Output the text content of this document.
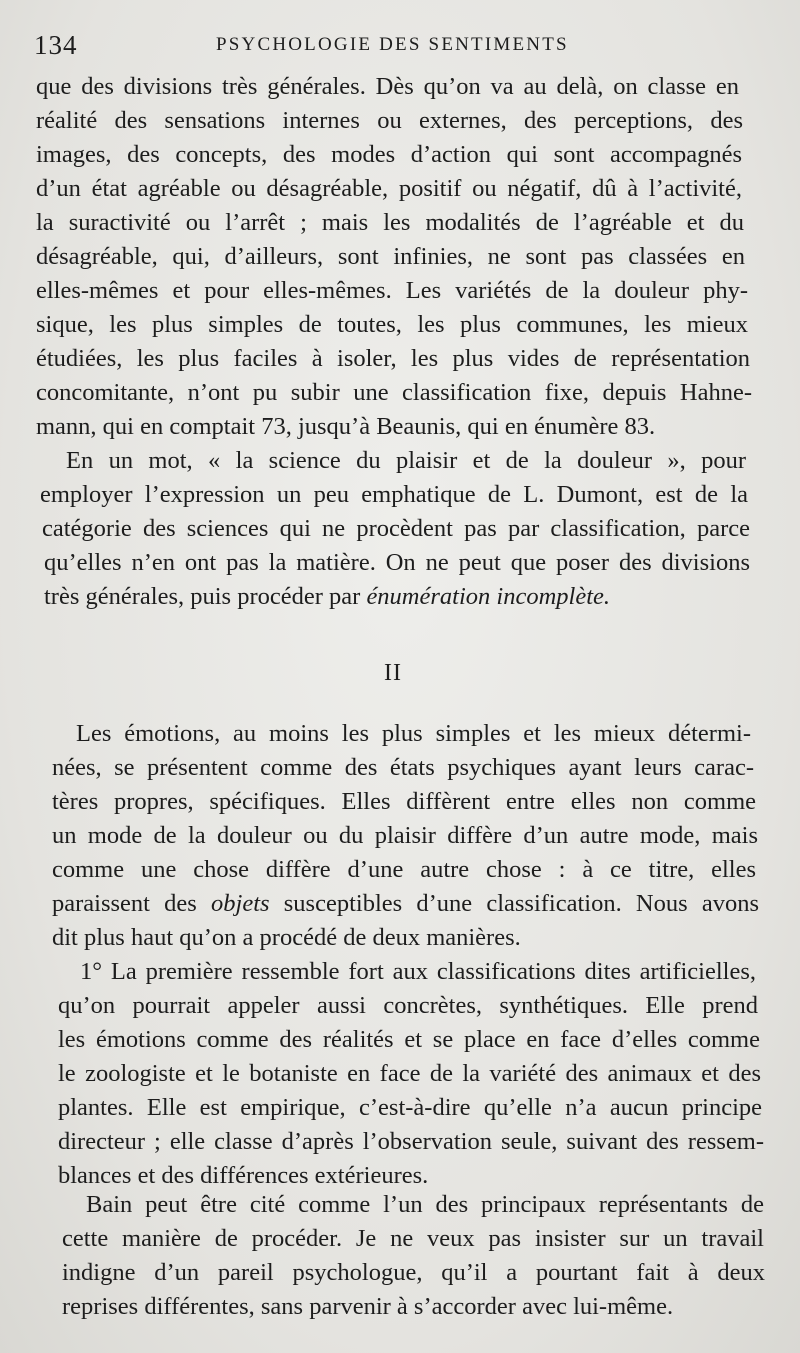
134	PSYCHOLOGIE DES SENTIMENTS
que des divisions très générales. Dès qu’on va au delà, on classe en
réalité des sensations internes ou externes, des perceptions, des
images, des concepts, des modes d’action qui sont accompagnés
d’un état agréable ou désagréable, positif ou négatif, dû à l’activité,
la suractivité ou l’arrêt ; mais les modalités de l’agréable et du
désagréable, qui, d’ailleurs, sont infinies, ne sont pas classées en
elles-mêmes et pour elles-mêmes. Les variétés de la douleur phy-
sique, les plus simples de toutes, les plus communes, les mieux
étudiées, les plus faciles à isoler, les plus vides de représentation
concomitante, n’ont pu subir une classification fixe, depuis Hahne-
mann, qui en comptait 73, jusqu’à Beaunis, qui en énumère 83.
En un mot, « la science du plaisir et de la douleur », pour
employer l’expression un peu emphatique de L. Dumont, est de la
catégorie des sciences qui ne procèdent pas par classification, parce
qu’elles n’en ont pas la matière. On ne peut que poser des divisions
très générales, puis procéder par énumération incomplète.
II
Les émotions, au moins les plus simples et les mieux détermi-
nées, se présentent comme des états psychiques ayant leurs carac-
tères propres, spécifiques. Elles diffèrent entre elles non comme
un mode de la douleur ou du plaisir diffère d’un autre mode, mais
comme une chose diffère d’une autre chose : à ce titre, elles
paraissent des objets susceptibles d’une classification. Nous avons
dit plus haut qu’on a procédé de deux manières.
1° La première ressemble fort aux classifications dites artificielles,
qu’on pourrait appeler aussi concrètes, synthétiques. Elle prend
les émotions comme des réalités et se place en face d’elles comme
le zoologiste et le botaniste en face de la variété des animaux et des
plantes. Elle est empirique, c’est-à-dire qu’elle n’a aucun principe
directeur ; elle classe d’après l’observation seule, suivant des ressem-
blances et des différences extérieures.
Bain peut être cité comme l’un des principaux représentants de
cette manière de procéder. Je ne veux pas insister sur un travail
indigne d’un pareil psychologue, qu’il a pourtant fait à deux
reprises différentes, sans parvenir à s’accorder avec lui-même.
